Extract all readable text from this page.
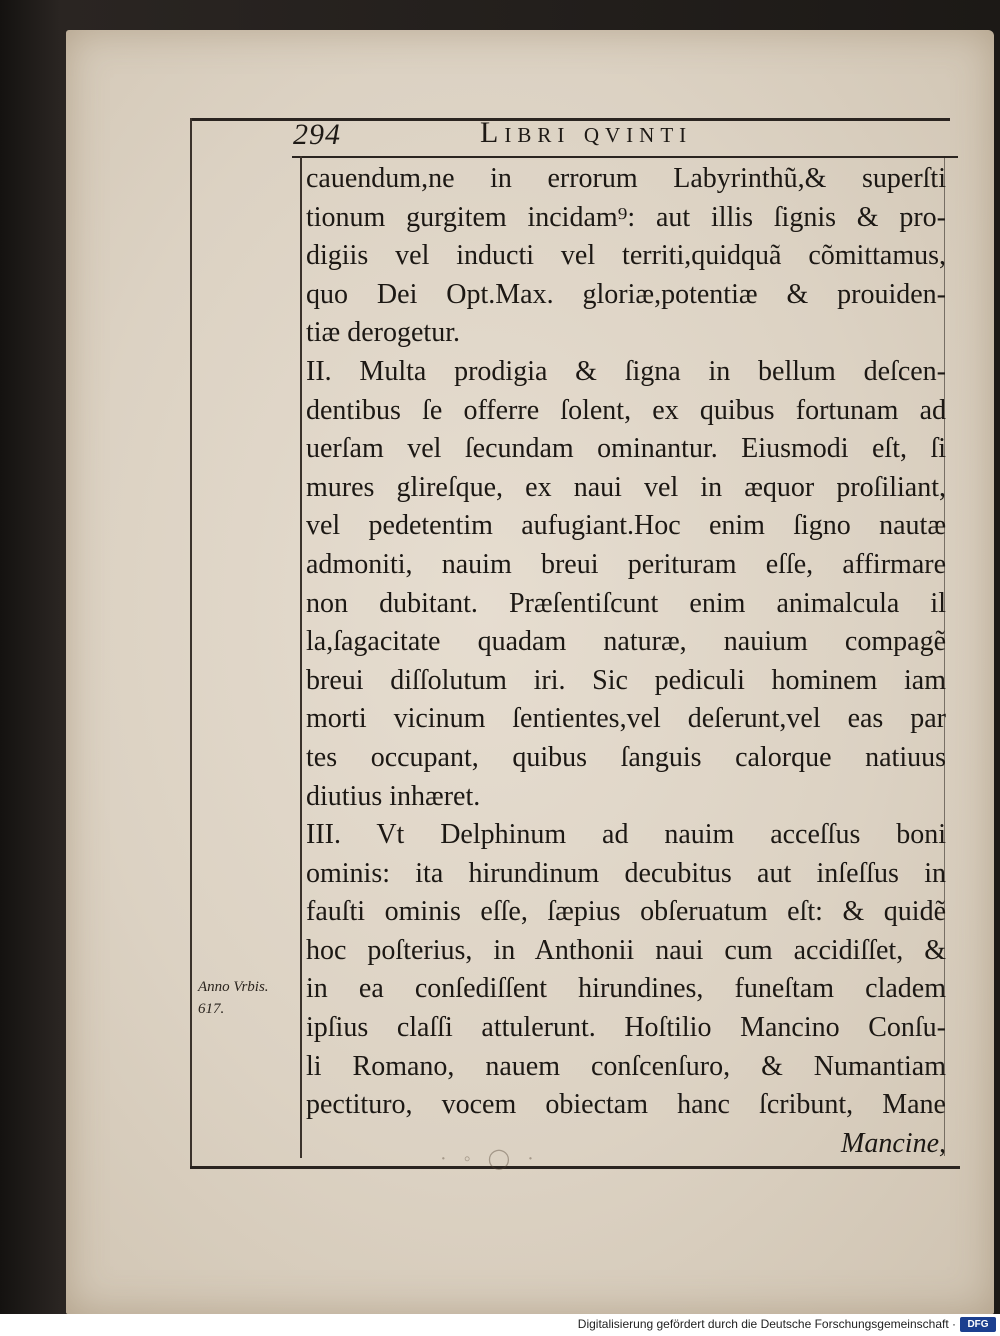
294	Libri qvinti
cauendum,ne in errorum Labyrinthũ,& superſti
tionum gurgitem incidam⁹: aut illis ſignis & pro-
digiis vel inducti vel territi,quidquã cõmittamus,
quo Dei Opt.Max. gloriæ,potentiæ & prouiden-
tiæ derogetur.
II. Multa prodigia & ſigna in bellum deſcen-
dentibus ſe offerre ſolent, ex quibus fortunam ad
uerſam vel ſecundam ominantur. Eiusmodi eſt, ſi
mures glireſque, ex naui vel in æquor proſiliant,
vel pedetentim aufugiant.Hoc enim ſigno nautæ
admoniti, nauim breui perituram eſſe, affirmare
non dubitant. Præſentiſcunt enim animalcula il
la,ſagacitate quadam naturæ, nauium compagẽ
breui diſſolutum iri. Sic pediculi hominem iam
morti vicinum ſentientes,vel deſerunt,vel eas par
tes occupant, quibus ſanguis calorque natiuus
diutius inhæret.
III. Vt Delphinum ad nauim acceſſus boni
ominis: ita hirundinum decubitus aut inſeſſus in
fauſti ominis eſſe, ſæpius obſeruatum eſt: & quidẽ
hoc poſterius, in Anthonii naui cum accidiſſet, &
in ea conſediſſent hirundines, funeſtam cladem
ipſius claſſi attulerunt. Hoſtilio Mancino Conſu-
li Romano, nauem conſcenſuro, & Numantiam
pectituro, vocem obiectam hanc ſcribunt, Mane
Mancine,
Anno Vrbis.
617.
· ◦ ◯ ·
Digitalisierung gefördert durch die Deutsche Forschungsgemeinschaft ·	DFG
